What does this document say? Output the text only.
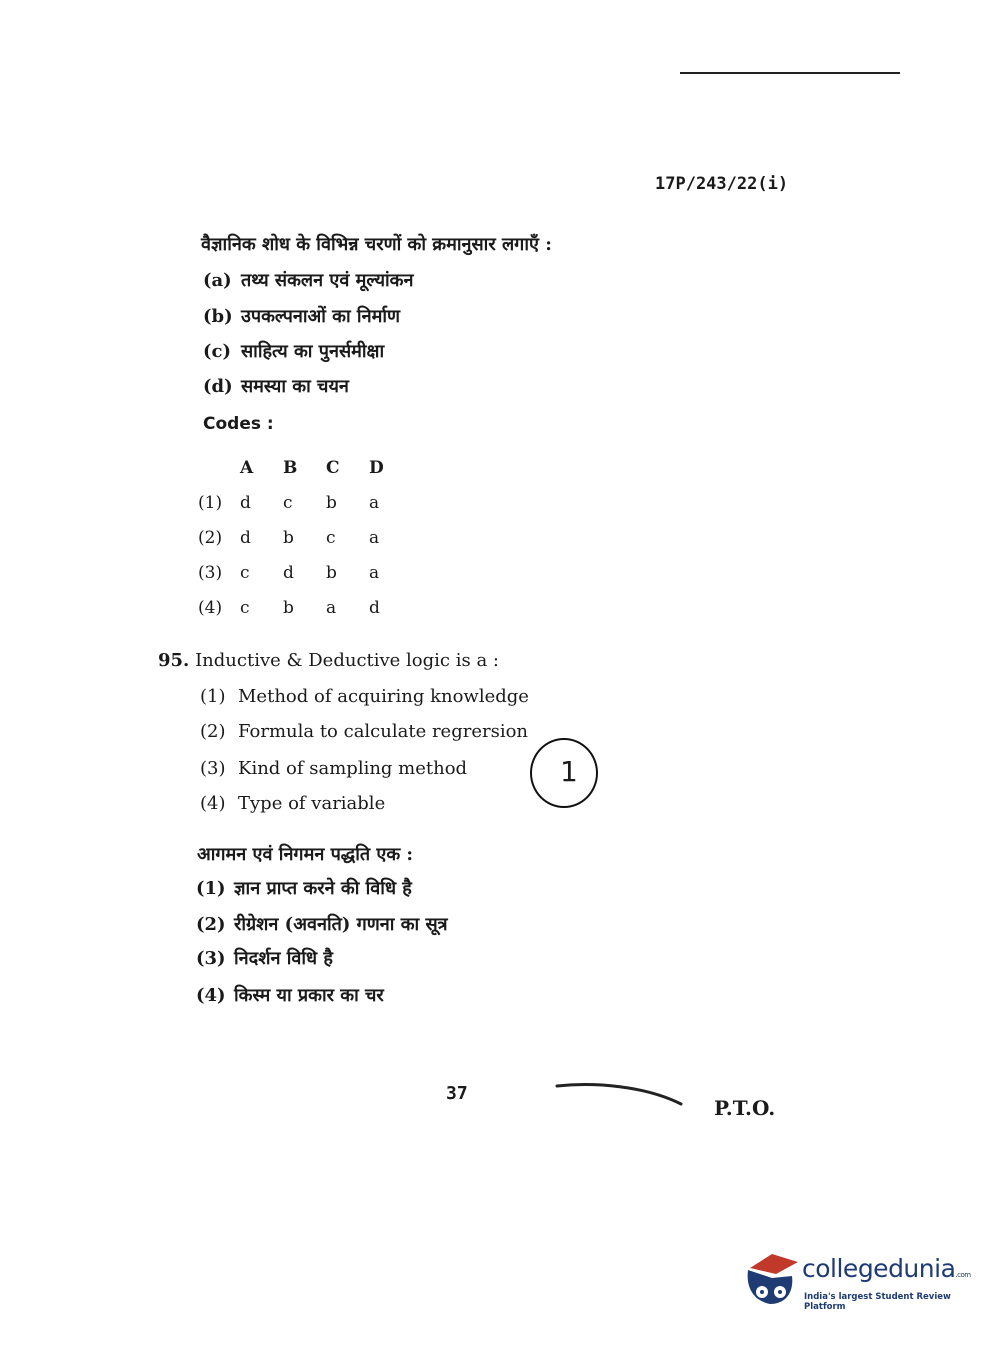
17P/243/22(i)
वैज्ञानिक शोध के विभिन्न चरणों को क्रमानुसार लगाएँ :
(a) तथ्य संकलन एवं मूल्यांकन
(b) उपकल्पनाओं का निर्माण
(c) साहित्य का पुनर्समीक्षा
(d) समस्या का चयन
Codes :
A	B	C	D
(1)	d	c	b	a
(2)	d	b	c	a
(3)	c	d	b	a
(4)	c	b	a	d
95. Inductive & Deductive logic is a :
(1) Method of acquiring knowledge
(2) Formula to calculate regrersion
(3) Kind of sampling method
(4) Type of variable
1
आगमन एवं निगमन पद्धति एक :
(1) ज्ञान प्राप्त करने की विधि है
(2) रीग्रेशन (अवनति) गणना का सूत्र
(3) निदर्शन विधि है
(4) किस्म या प्रकार का चर
37
P.T.O.
collegedunia.com
India's largest Student Review Platform
